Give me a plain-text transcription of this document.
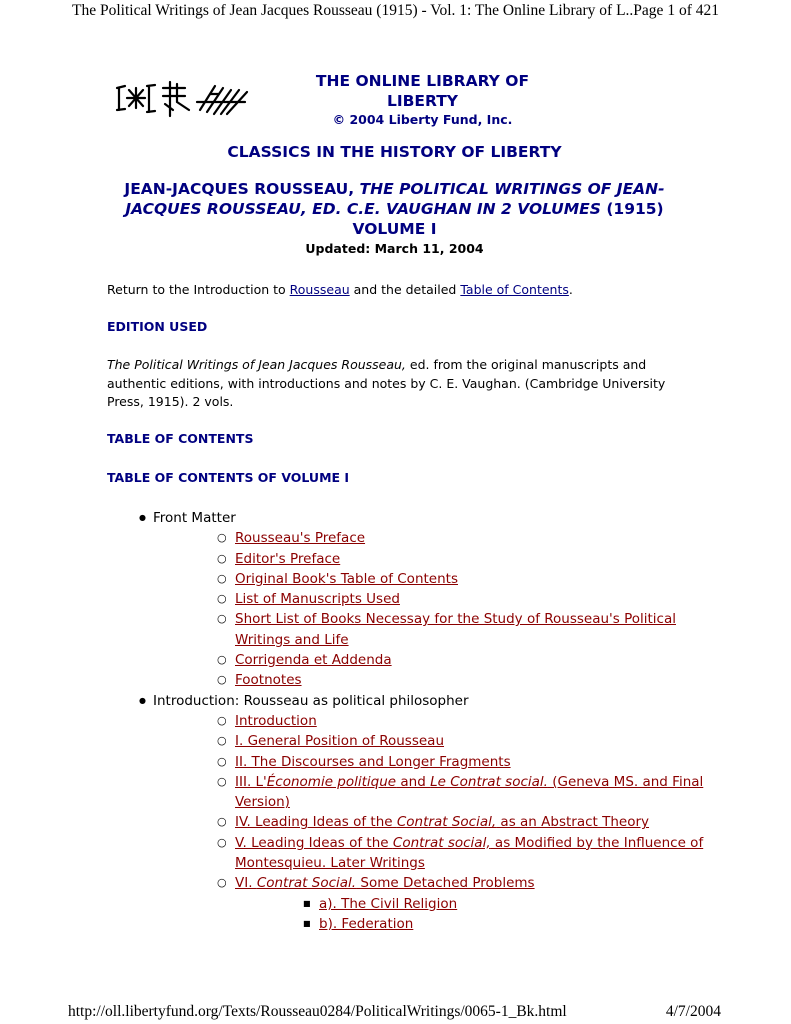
The Political Writings of Jean Jacques Rousseau (1915) - Vol. 1: The Online Library of L..Page 1 of 421
THE ONLINE LIBRARY OF
LIBERTY
© 2004 Liberty Fund, Inc.
CLASSICS IN THE HISTORY OF LIBERTY
JEAN-JACQUES ROUSSEAU, THE POLITICAL WRITINGS OF JEAN-JACQUES ROUSSEAU, ED. C.E. VAUGHAN IN 2 VOLUMES (1915)
VOLUME I
Updated: March 11, 2004
Return to the Introduction to Rousseau and the detailed Table of Contents.
EDITION USED
The Political Writings of Jean Jacques Rousseau, ed. from the original manuscripts and authentic editions, with introductions and notes by C. E. Vaughan. (Cambridge University Press, 1915). 2 vols.
TABLE OF CONTENTS
TABLE OF CONTENTS OF VOLUME I
● Front Matter
○ Rousseau's Preface
○ Editor's Preface
○ Original Book's Table of Contents
○ List of Manuscripts Used
○ Short List of Books Necessay for the Study of Rousseau's Political Writings and Life
○ Corrigenda et Addenda
○ Footnotes
● Introduction: Rousseau as political philosopher
○ Introduction
○ I. General Position of Rousseau
○ II. The Discourses and Longer Fragments
○ III. L'Économie politique and Le Contrat social. (Geneva MS. and Final Version)
○ IV. Leading Ideas of the Contrat Social, as an Abstract Theory
○ V. Leading Ideas of the Contrat social, as Modified by the Influence of Montesquieu. Later Writings
○ VI. Contrat Social. Some Detached Problems
■ a). The Civil Religion
■ b). Federation
http://oll.libertyfund.org/Texts/Rousseau0284/PoliticalWritings/0065-1_Bk.html	4/7/2004
